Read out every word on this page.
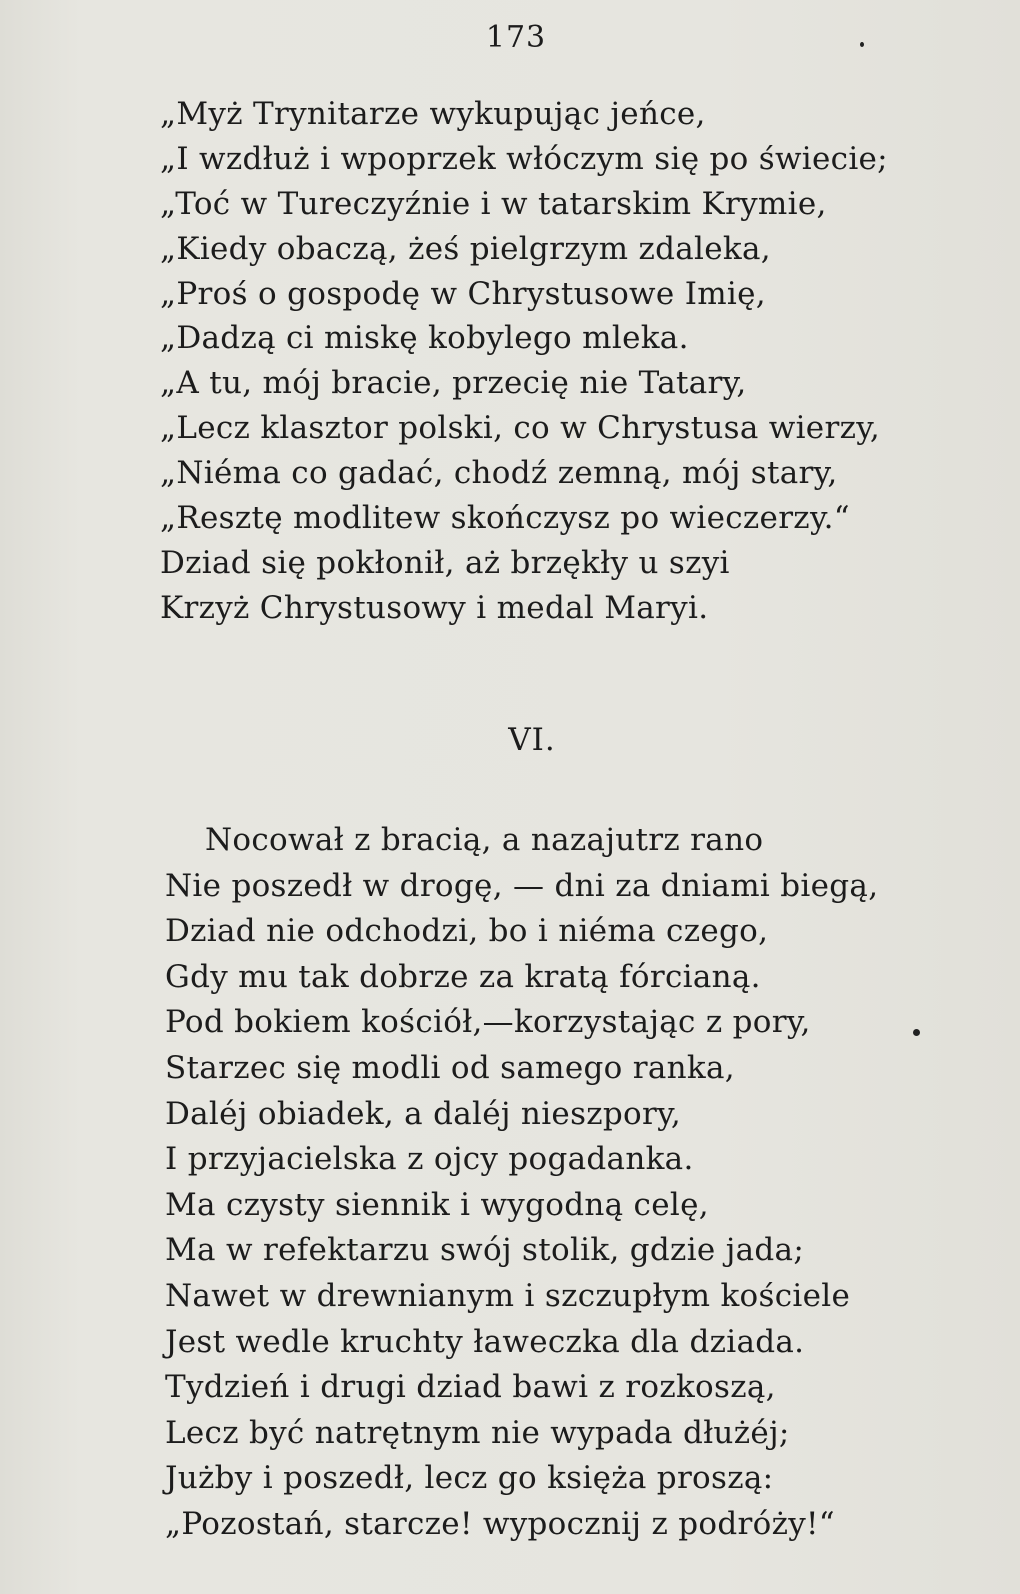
173
„Myż Trynitarze wykupując jeńce,
„I wzdłuż i wpoprzek włóczym się po świecie;
„Toć w Tureczyźnie i w tatarskim Krymie,
„Kiedy obaczą, żeś pielgrzym zdaleka,
„Proś o gospodę w Chrystusowe Imię,
„Dadzą ci miskę kobylego mleka.
„A tu, mój bracie, przecię nie Tatary,
„Lecz klasztor polski, co w Chrystusa wierzy,
„Niéma co gadać, chodź zemną, mój stary,
„Resztę modlitew skończysz po wieczerzy.“
Dziad się pokłonił, aż brzękły u szyi
Krzyż Chrystusowy i medal Maryi.
VI.
Nocował z bracią, a nazajutrz rano
Nie poszedł w drogę, — dni za dniami biegą,
Dziad nie odchodzi, bo i niéma czego,
Gdy mu tak dobrze za kratą fórcianą.
Pod bokiem kościół,—korzystając z pory,
Starzec się modli od samego ranka,
Daléj obiadek, a daléj nieszpory,
I przyjacielska z ojcy pogadanka.
Ma czysty siennik i wygodną celę,
Ma w refektarzu swój stolik, gdzie jada;
Nawet w drewnianym i szczupłym kościele
Jest wedle kruchty ławeczka dla dziada.
Tydzień i drugi dziad bawi z rozkoszą,
Lecz być natrętnym nie wypada dłużéj;
Jużby i poszedł, lecz go księża proszą:
„Pozostań, starcze! wypocznij z podróży!“
